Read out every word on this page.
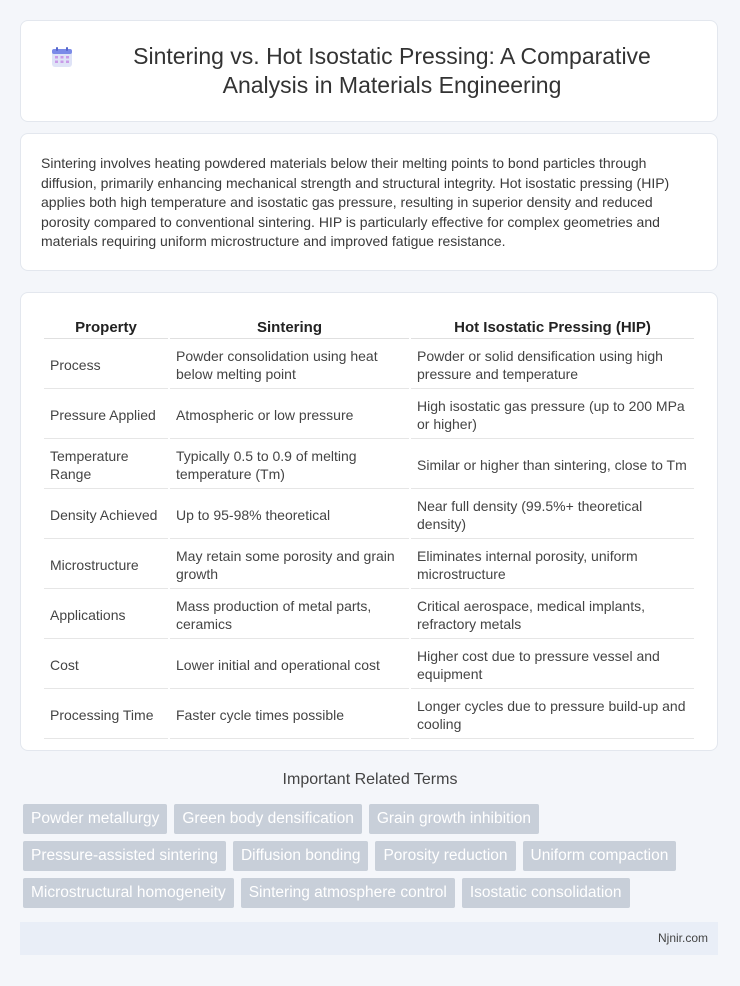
Sintering vs. Hot Isostatic Pressing: A Comparative Analysis in Materials Engineering

Sintering involves heating powdered materials below their melting points to bond particles through diffusion, primarily enhancing mechanical strength and structural integrity. Hot isostatic pressing (HIP) applies both high temperature and isostatic gas pressure, resulting in superior density and reduced porosity compared to conventional sintering. HIP is particularly effective for complex geometries and materials requiring uniform microstructure and improved fatigue resistance.

Property	Sintering	Hot Isostatic Pressing (HIP)
Process	Powder consolidation using heat below melting point	Powder or solid densification using high pressure and temperature
Pressure Applied	Atmospheric or low pressure	High isostatic gas pressure (up to 200 MPa or higher)
Temperature Range	Typically 0.5 to 0.9 of melting temperature (Tm)	Similar or higher than sintering, close to Tm
Density Achieved	Up to 95-98% theoretical	Near full density (99.5%+ theoretical density)
Microstructure	May retain some porosity and grain growth	Eliminates internal porosity, uniform microstructure
Applications	Mass production of metal parts, ceramics	Critical aerospace, medical implants, refractory metals
Cost	Lower initial and operational cost	Higher cost due to pressure vessel and equipment
Processing Time	Faster cycle times possible	Longer cycles due to pressure build-up and cooling
Important Related Terms
Powder metallurgy	Green body densification	Grain growth inhibition
Pressure-assisted sintering	Diffusion bonding	Porosity reduction	Uniform compaction
Microstructural homogeneity	Sintering atmosphere control	Isostatic consolidation
Njnir.com
